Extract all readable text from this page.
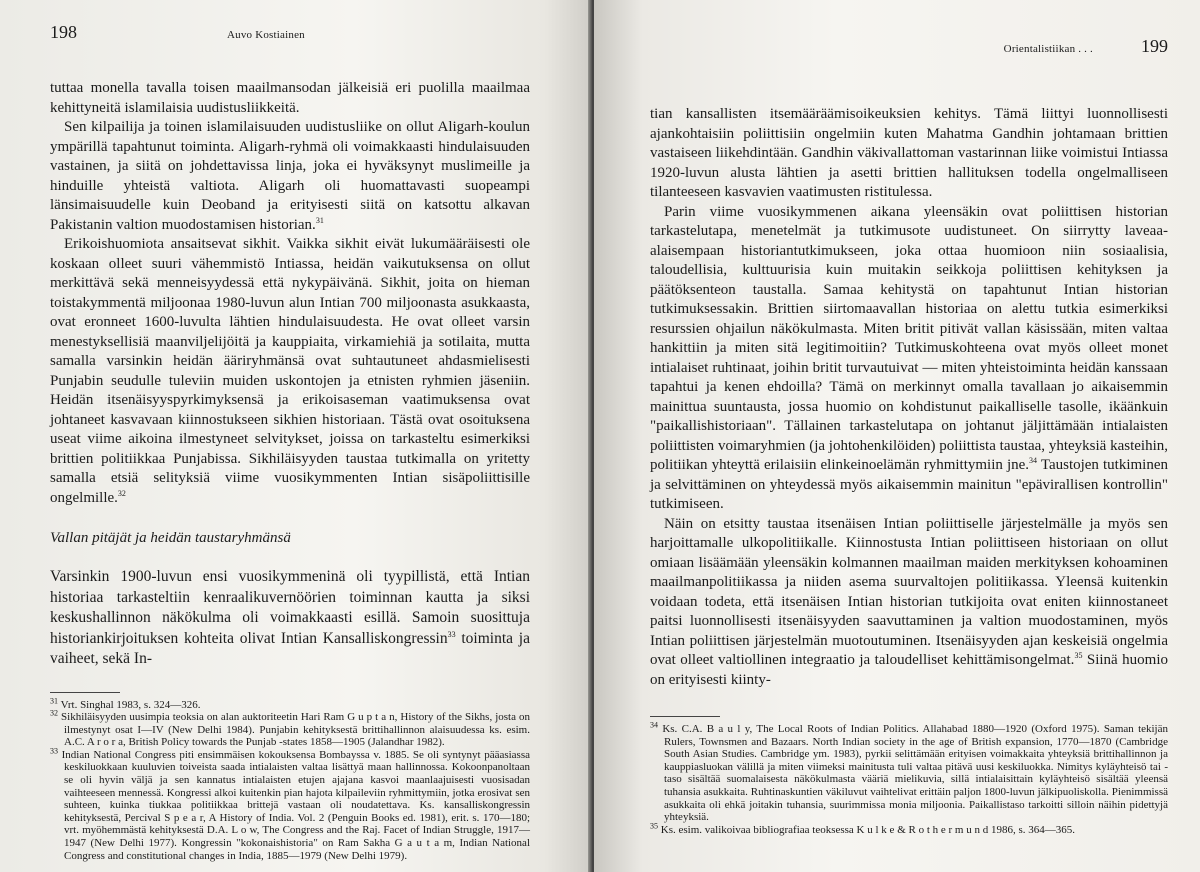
198	Auvo Kostiainen

tuttaa monella tavalla toisen maailmansodan jälkeisiä eri puolilla maailmaa kehittyneitä islamilaisia uudistusliikkeitä.

Sen kilpailija ja toinen islamilaisuuden uudistusliike on ollut Aligarh-koulun ympärillä tapahtunut toiminta. Aligarh-ryhmä oli voimakkaasti hindulaisuuden vastainen, ja siitä on johdettavissa linja, joka ei hyväksynyt muslimeille ja hinduille yhteistä valtiota. Aligarh oli huomattavasti suopeampi länsimaisuudelle kuin Deoband ja erityisesti siitä on katsottu alkavan Pakistanin valtion muodostamisen historian.$^{31}$

Erikoishuomiota ansaitsevat sikhit. Vaikka sikhit eivät lukumääräisesti ole koskaan olleet suuri vähemmistö Intiassa, heidän vaikutuksensa on ollut merkittävä sekä menneisyydessä että nykypäivänä. Sikhit, joita on hieman toistakymmentä miljoonaa 1980-luvun alun Intian 700 miljoonasta asukkaasta, ovat eronneet 1600-luvulta lähtien hindulaisuudesta. He ovat olleet varsin menestyksellisiä maanviljelijöitä ja kauppiaita, virkamiehiä ja sotilaita, mutta samalla varsinkin heidän ääriryhmänsä ovat suhtautuneet ahdasmielisesti Punjabin seudulle tuleviin muiden uskontojen ja etnisten ryhmien jäseniin. Heidän itsenäisyyspyrkimyksensä ja erikoisaseman vaatimuksensa ovat johtaneet kasvavaan kiinnostukseen sikhien historiaan. Tästä ovat osoituksena useat viime aikoina ilmestyneet selvitykset, joissa on tarkasteltu esimerkiksi brittien politiikkaa Punjabissa. Sikhiläisyyden taustaa tutkimalla on yritetty samalla etsiä selityksiä viime vuosikymmenten Intian sisäpoliittisille ongelmille.$^{32}$

Vallan pitäjät ja heidän taustaryhmänsä

Varsinkin 1900-luvun ensi vuosikymmeninä oli tyypillistä, että Intian historiaa tarkasteltiin kenraalikuvernöörien toiminnan kautta ja siksi keskushallinnon näkökulma oli voimakkaasti esillä. Samoin suosittuja historiankirjoituksen kohteita olivat Intian Kansalliskongressin$^{33}$ toiminta ja vaiheet, sekä In-

$^{31}$ Vrt. Singhal 1983, s. 324—326.

$^{32}$ Sikhiläisyyden uusimpia teoksia on alan auktoriteetin Hari Ram G u p t a n, History of the Sikhs, josta on ilmestynyt osat I—IV (New Delhi 1984). Punjabin kehityksestä brittihallinnon alaisuudessa ks. esim. A.C. A r o r a, British Policy towards the Punjab -states 1858—1905 (Jalandhar 1982).

$^{33}$ Indian National Congress piti ensimmäisen kokouksensa Bombayssa v. 1885. Se oli syntynyt pääasiassa keskiluokkaan kuuluvien toiveista saada intialaisten valtaa lisättyä maan hallinnossa. Kokoonpanoltaan se oli hyvin väljä ja sen kannatus intialaisten etujen ajajana kasvoi maanlaajuisesti vuosisadan vaihteeseen mennessä. Kongressi alkoi kuitenkin pian hajota kilpaileviin ryhmittymiin, jotka erosivat sen suhteen, kuinka tiukkaa politiikkaa brittejä vastaan oli noudatettava. Ks. kansalliskongressin kehityksestä, Percival S p e a r, A History of India. Vol. 2 (Penguin Books ed. 1981), erit. s. 170—180; vrt. myöhemmästä kehityksestä D.A. L o w, The Congress and the Raj. Facet of Indian Struggle, 1917—1947 (New Delhi 1977). Kongressin "kokonaishistoria" on Ram Sakha G a u t a m, Indian National Congress and constitutional changes in India, 1885—1979 (New Delhi 1979).

Orientalistiikan . . .	199

tian kansallisten itsemääräämisoikeuksien kehitys. Tämä liittyi luonnollisesti ajankohtaisiin poliittisiin ongelmiin kuten Mahatma Gandhin johtamaan brittien vastaiseen liikehdintään. Gandhin väkivallattoman vastarinnan liike voimistui Intiassa 1920-luvun alusta lähtien ja asetti brittien hallituksen todella ongelmalliseen tilanteeseen kasvavien vaatimusten ristitulessa.

Parin viime vuosikymmenen aikana yleensäkin ovat poliittisen historian tarkastelutapa, menetelmät ja tutkimusote uudistuneet. On siirrytty laveaa-alaisempaan historiantutkimukseen, joka ottaa huomioon niin sosiaalisia, taloudellisia, kulttuurisia kuin muitakin seikkoja poliittisen kehityksen ja päätöksenteon taustalla. Samaa kehitystä on tapahtunut Intian historian tutkimuksessakin. Brittien siirtomaavallan historiaa on alettu tutkia esimerkiksi resurssien ohjailun näkökulmasta. Miten britit pitivät vallan käsissään, miten valtaa hankittiin ja miten sitä legitimoitiin? Tutkimuskohteena ovat myös olleet monet intialaiset ruhtinaat, joihin britit turvautuivat — miten yhteistoiminta heidän kanssaan tapahtui ja kenen ehdoilla? Tämä on merkinnyt omalla tavallaan jo aikaisemmin mainittua suuntausta, jossa huomio on kohdistunut paikalliselle tasolle, ikäänkuin "paikallishistoriaan". Tällainen tarkastelutapa on johtanut jäljittämään intialaisten poliittisten voimaryhmien (ja johtohenkilöiden) poliittista taustaa, yhteyksiä kasteihin, politiikan yhteyttä erilaisiin elinkeinoelämän ryhmittymiin jne.$^{34}$ Taustojen tutkiminen ja selvittäminen on yhteydessä myös aikaisemmin mainitun "epävirallisen kontrollin" tutkimiseen.

Näin on etsitty taustaa itsenäisen Intian poliittiselle järjestelmälle ja myös sen harjoittamalle ulkopolitiikalle. Kiinnostusta Intian poliittiseen historiaan on ollut omiaan lisäämään yleensäkin kolmannen maailman maiden merkityksen kohoaminen maailmanpolitiikassa ja niiden asema suurvaltojen politiikassa. Yleensä kuitenkin voidaan todeta, että itsenäisen Intian historian tutkijoita ovat eniten kiinnostaneet paitsi luonnollisesti itsenäisyyden saavuttaminen ja valtion muodostaminen, myös Intian poliittisen järjestelmän muotoutuminen. Itsenäisyyden ajan keskeisiä ongelmia ovat olleet valtiollinen integraatio ja taloudelliset kehittämisongelmat.$^{35}$ Siinä huomio on erityisesti kiinty-

$^{34}$ Ks. C.A. B a u l y, The Local Roots of Indian Politics. Allahabad 1880—1920 (Oxford 1975). Saman tekijän Rulers, Townsmen and Bazaars. North Indian society in the age of British expansion, 1770—1870 (Cambridge South Asian Studies. Cambridge ym. 1983), pyrkii selittämään erityisen voimakkaita yhteyksiä brittihallinnon ja kauppiasluokan välillä ja miten viimeksi mainitusta tuli valtaa pitävä uusi keskiluokka. Nimitys kyläyhteisö tai -taso sisältää suomalaisesta näkökulmasta vääriä mielikuvia, sillä intialaisittain kyläyhteisö sisältää yleensä tuhansia asukkaita. Ruhtinaskuntien väkiluvut vaihtelivat erittäin paljon 1800-luvun jälkipuoliskolla. Pienimmissä asukkaita oli ehkä joitakin tuhansia, suurimmissa monia miljoonia. Paikallistaso tarkoitti silloin näihin pidettyjä yhteyksiä.

$^{35}$ Ks. esim. valikoivaa bibliografiaa teoksessa K u l k e & R o t h e r m u n d 1986, s. 364—365.
